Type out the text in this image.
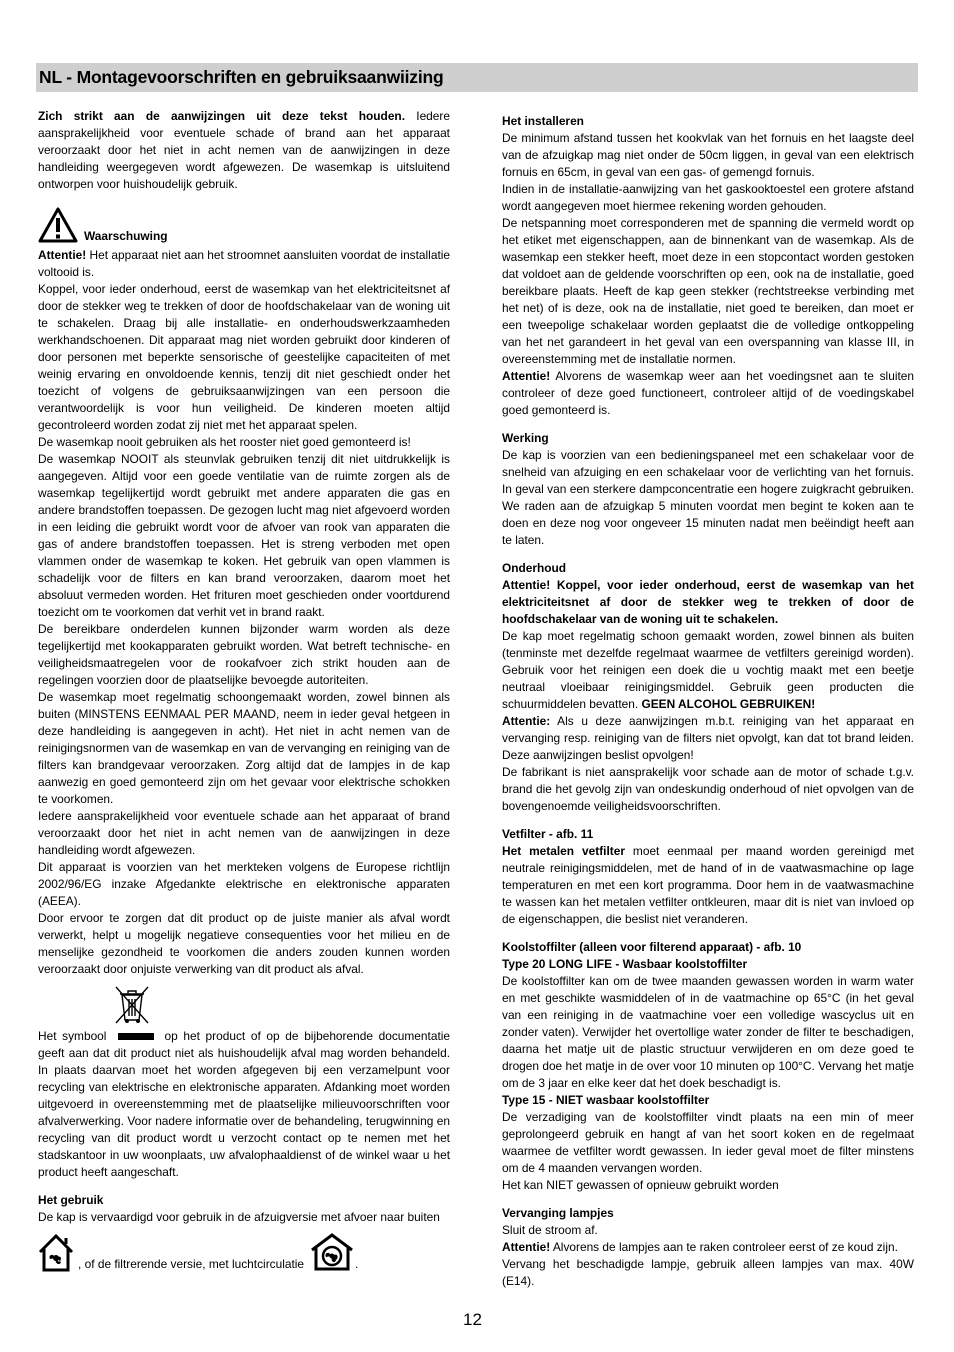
NL - Montagevoorschriften en gebruiksaanwiizing

Zich strikt aan de aanwijzingen uit deze tekst houden. Iedere aansprakelijkheid voor eventuele schade of brand aan het apparaat veroorzaakt door het niet in acht nemen van de aanwijzingen in deze handleiding weergegeven wordt afgewezen. De wasemkap is uitsluitend ontworpen voor huishoudelijk gebruik.

Waarschuwing

Attentie! Het apparaat niet aan het stroomnet aansluiten voordat de installatie voltooid is.

Koppel, voor ieder onderhoud, eerst de wasemkap van het elektriciteitsnet af door de stekker weg te trekken of door de hoofdschakelaar van de woning uit te schakelen. Draag bij alle installatie- en onderhoudswerkzaamheden werkhandschoenen. Dit apparaat mag niet worden gebruikt door kinderen of door personen met beperkte sensorische of geestelijke capaciteiten of met weinig ervaring en onvoldoende kennis, tenzij dit niet geschiedt onder het toezicht of volgens de gebruiksaanwijzingen van een persoon die verantwoordelijk is voor hun veiligheid. De kinderen moeten altijd gecontroleerd worden zodat zij niet met het apparaat spelen.

De wasemkap nooit gebruiken als het rooster niet goed gemonteerd is!

De wasemkap NOOIT als steunvlak gebruiken tenzij dit niet uitdrukkelijk is aangegeven. Altijd voor een goede ventilatie van de ruimte zorgen als de wasemkap tegelijkertijd wordt gebruikt met andere apparaten die gas en andere brandstoffen toepassen. De gezogen lucht mag niet afgevoerd worden in een leiding die gebruikt wordt voor de afvoer van rook van apparaten die gas of andere brandstoffen toepassen. Het is streng verboden met open vlammen onder de wasemkap te koken. Het gebruik van open vlammen is schadelijk voor de filters en kan brand veroorzaken, daarom moet het absoluut vermeden worden. Het frituren moet geschieden onder voortdurend toezicht om te voorkomen dat verhit vet in brand raakt.

De bereikbare onderdelen kunnen bijzonder warm worden als deze tegelijkertijd met kookapparaten gebruikt worden. Wat betreft technische- en veiligheidsmaatregelen voor de rookafvoer zich strikt houden aan de regelingen voorzien door de plaatselijke bevoegde autoriteiten.

De wasemkap moet regelmatig schoongemaakt worden, zowel binnen als buiten (MINSTENS EENMAAL PER MAAND, neem in ieder geval hetgeen in deze handleiding is aangegeven in acht). Het niet in acht nemen van de reinigingsnormen van de wasemkap en van de vervanging en reiniging van de filters kan brandgevaar veroorzaken. Zorg altijd dat de lampjes in de kap aanwezig en goed gemonteerd zijn om het gevaar voor elektrische schokken te voorkomen.

Iedere aansprakelijkheid voor eventuele schade aan het apparaat of brand veroorzaakt door het niet in acht nemen van de aanwijzingen in deze handleiding wordt afgewezen.

Dit apparaat is voorzien van het merkteken volgens de Europese richtlijn 2002/96/EG inzake Afgedankte elektrische en elektronische apparaten (AEEA).

Door ervoor te zorgen dat dit product op de juiste manier als afval wordt verwerkt, helpt u mogelijk negatieve consequenties voor het milieu en de menselijke gezondheid te voorkomen die anders zouden kunnen worden veroorzaakt door onjuiste verwerking van dit product als afval.

Het symbool	op het product of op de bijbehorende documentatie geeft aan dat dit product niet als huishoudelijk afval mag worden behandeld. In plaats daarvan moet het worden afgegeven bij een verzamelpunt voor recycling van elektrische en elektronische apparaten. Afdanking moet worden uitgevoerd in overeenstemming met de plaatselijke milieuvoorschriften voor afvalverwerking. Voor nadere informatie over de behandeling, terugwinning en recycling van dit product wordt u verzocht contact op te nemen met het stadskantoor in uw woonplaats, uw afvalophaaldienst of de winkel waar u het product heeft aangeschaft.

Het gebruik

De kap is vervaardigd voor gebruik in de afzuigversie met afvoer naar buiten

, of de filtrerende versie, met luchtcirculatie	.

Het installeren

De minimum afstand tussen het kookvlak van het fornuis en het laagste deel van de afzuigkap mag niet onder de 50cm liggen, in geval van een elektrisch fornuis en 65cm, in geval van een gas- of gemengd fornuis.

Indien in de installatie-aanwijzing van het gaskooktoestel een grotere afstand wordt aangegeven moet hiermee rekening worden gehouden.

De netspanning moet corresponderen met de spanning die vermeld wordt op het etiket met eigenschappen, aan de binnenkant van de wasemkap. Als de wasemkap een stekker heeft, moet deze in een stopcontact worden gestoken dat voldoet aan de geldende voorschriften op een, ook na de installatie, goed bereikbare plaats. Heeft de kap geen stekker (rechtstreekse verbinding met het net) of is deze, ook na de installatie, niet goed te bereiken, dan moet er een tweepolige schakelaar worden geplaatst die de volledige ontkoppeling van het net garandeert in het geval van een overspanning van klasse III, in overeenstemming met de installatie normen.

Attentie! Alvorens de wasemkap weer aan het voedingsnet aan te sluiten controleer of deze goed functioneert, controleer altijd of de voedingskabel goed gemonteerd is.

Werking

De kap is voorzien van een bedieningspaneel met een schakelaar voor de snelheid van afzuiging en een schakelaar voor de verlichting van het fornuis. In geval van een sterkere dampconcentratie een hogere zuigkracht gebruiken. We raden aan de afzuigkap 5 minuten voordat men begint te koken aan te doen en deze nog voor ongeveer 15 minuten nadat men beëindigt heeft aan te laten.

Onderhoud

Attentie! Koppel, voor ieder onderhoud, eerst de wasemkap van het elektriciteitsnet af door de stekker weg te trekken of door de hoofdschakelaar van de woning uit te schakelen.

De kap moet regelmatig schoon gemaakt worden, zowel binnen als buiten (tenminste met dezelfde regelmaat waarmee de vetfilters gereinigd worden). Gebruik voor het reinigen een doek die u vochtig maakt met een beetje neutraal vloeibaar reinigingsmiddel. Gebruik geen producten die schuurmiddelen bevatten. GEEN ALCOHOL GEBRUIKEN!

Attentie: Als u deze aanwijzingen m.b.t. reiniging van het apparaat en vervanging resp. reiniging van de filters niet opvolgt, kan dat tot brand leiden. Deze aanwijzingen beslist opvolgen!

De fabrikant is niet aansprakelijk voor schade aan de motor of schade t.g.v. brand die het gevolg zijn van ondeskundig onderhoud of niet opvolgen van de bovengenoemde veiligheidsvoorschriften.

Vetfilter - afb. 11

Het metalen vetfilter moet eenmaal per maand worden gereinigd met neutrale reinigingsmiddelen, met de hand of in de vaatwasmachine op lage temperaturen en met een kort programma. Door hem in de vaatwasmachine te wassen kan het metalen vetfilter ontkleuren, maar dit is niet van invloed op de eigenschappen, die beslist niet veranderen.

Koolstoffilter (alleen voor filterend apparaat) - afb. 10

Type 20 LONG LIFE - Wasbaar koolstoffilter

De koolstoffilter kan om de twee maanden gewassen worden in warm water en met geschikte wasmiddelen of in de vaatmachine op 65°C (in het geval van een reiniging in de vaatmachine voer een volledige wascyclus uit en zonder vaten). Verwijder het overtollige water zonder de filter te beschadigen, daarna het matje uit de plastic structuur verwijderen en om deze goed te drogen doe het matje in de over voor 10 minuten op 100°C. Vervang het matje om de 3 jaar en elke keer dat het doek beschadigt is.

Type 15 - NIET wasbaar koolstoffilter

De verzadiging van de koolstoffilter vindt plaats na een min of meer geprolongeerd gebruik en hangt af van het soort koken en de regelmaat waarmee de vetfilter wordt gewassen. In ieder geval moet de filter minstens om de 4 maanden vervangen worden.

Het kan NIET gewassen of opnieuw gebruikt worden

Vervanging lampjes

Sluit de stroom af.

Attentie! Alvorens de lampjes aan te raken controleer eerst of ze koud zijn.

Vervang het beschadigde lampje, gebruik alleen lampjes van max. 40W (E14).

12
